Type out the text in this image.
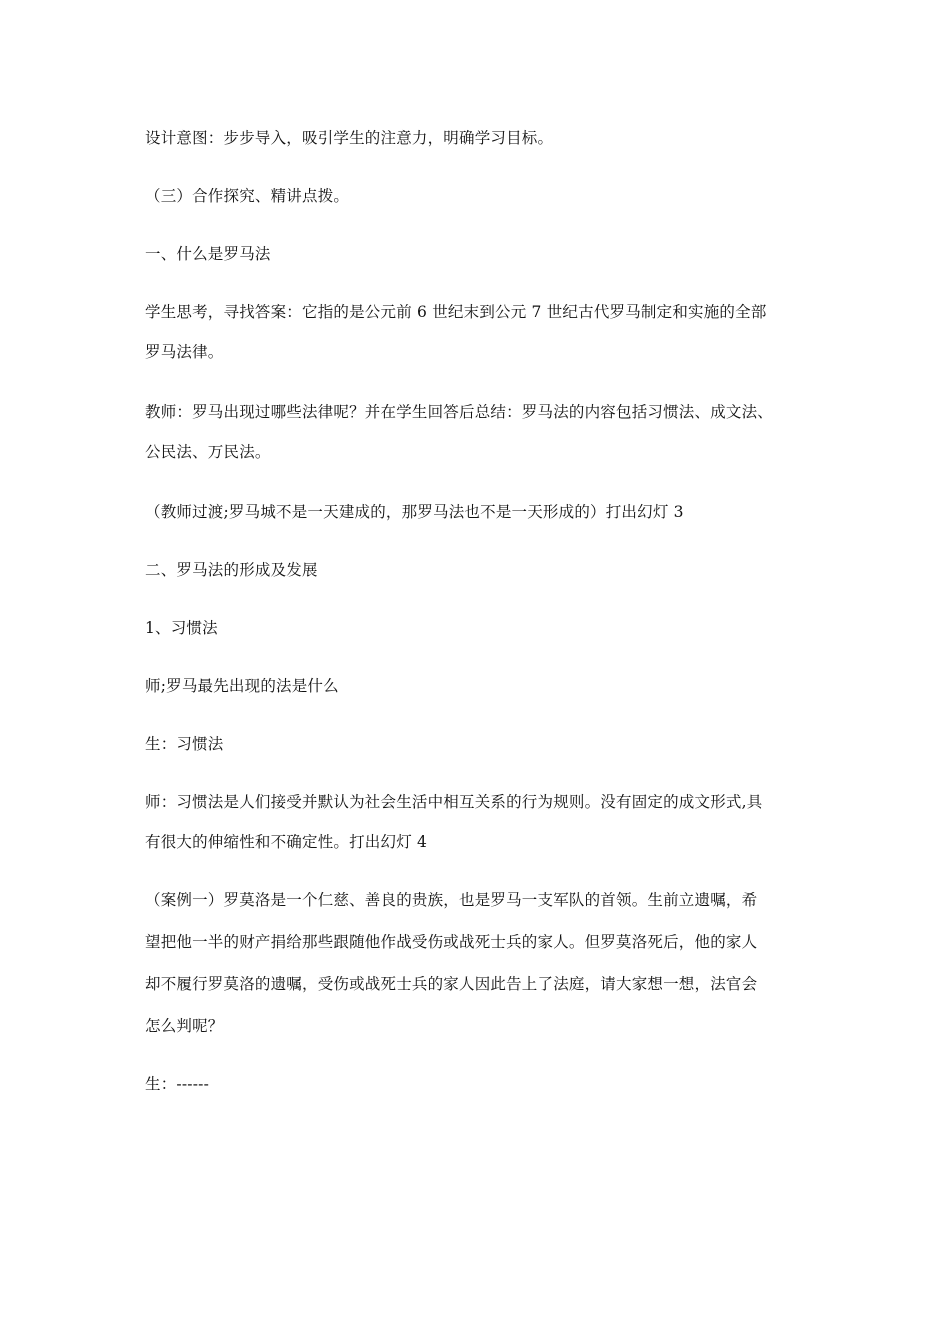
设计意图：步步导入，吸引学生的注意力，明确学习目标。
（三）合作探究、精讲点拨。
一、什么是罗马法
学生思考，寻找答案：它指的是公元前 6 世纪末到公元 7 世纪古代罗马制定和实施的全部
罗马法律。
教师：罗马出现过哪些法律呢？并在学生回答后总结：罗马法的内容包括习惯法、成文法、
公民法、万民法。
（教师过渡;罗马城不是一天建成的，那罗马法也不是一天形成的）打出幻灯 3
二、罗马法的形成及发展
1、习惯法
师;罗马最先出现的法是什么
生：习惯法
师：习惯法是人们接受并默认为社会生活中相互关系的行为规则。没有固定的成文形式,具
有很大的伸缩性和不确定性。打出幻灯 4
（案例一）罗莫洛是一个仁慈、善良的贵族，也是罗马一支军队的首领。生前立遗嘱，希
望把他一半的财产捐给那些跟随他作战受伤或战死士兵的家人。但罗莫洛死后，他的家人
却不履行罗莫洛的遗嘱，受伤或战死士兵的家人因此告上了法庭，请大家想一想，法官会
怎么判呢？
生：------
